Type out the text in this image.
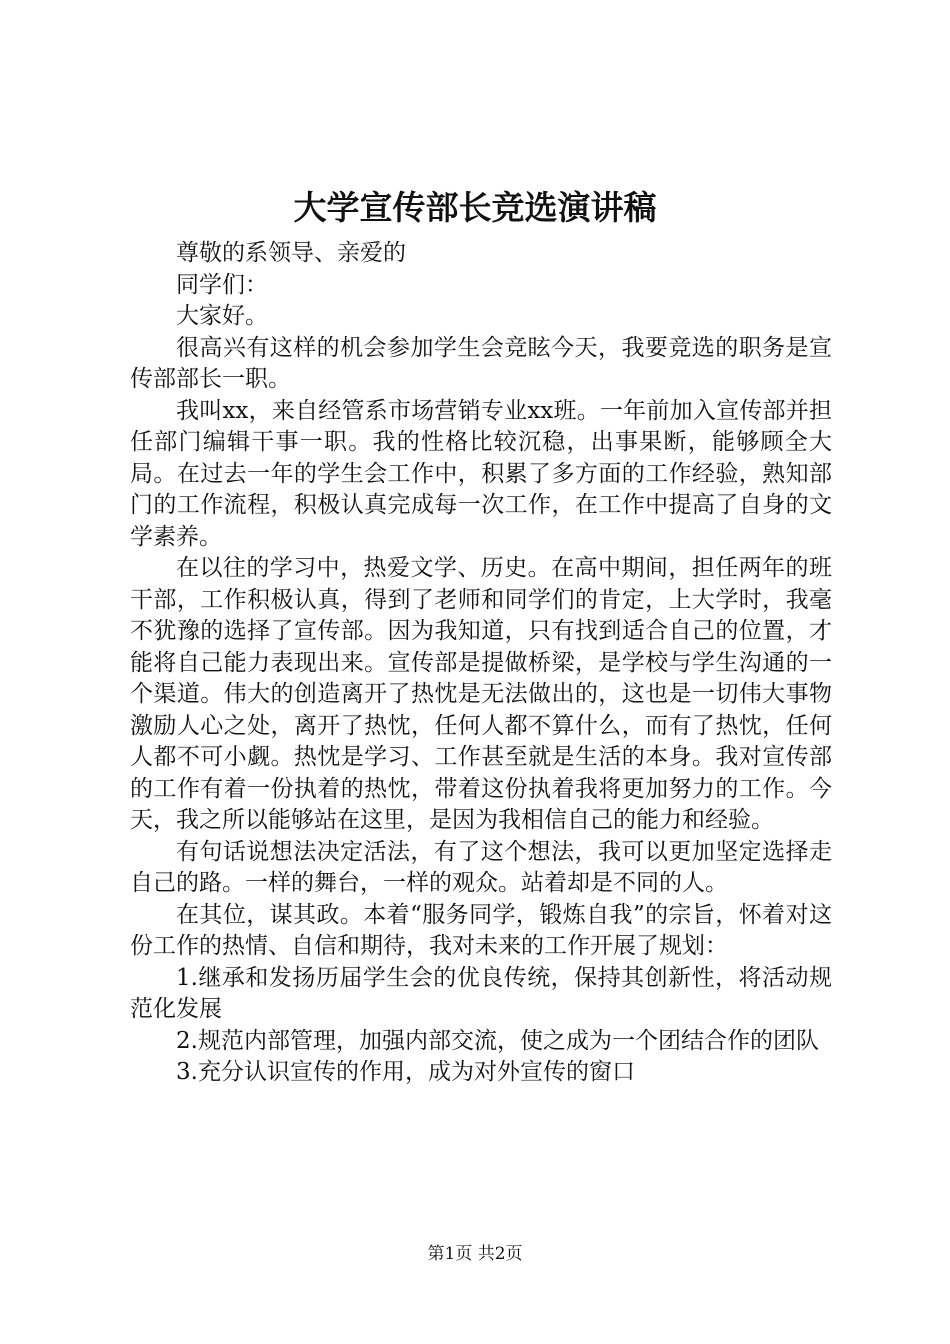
大学宣传部长竞选演讲稿

尊敬的系领导、亲爱的

同学们：

大家好。

很高兴有这样的机会参加学生会竞眩今天，我要竞选的职务是宣传部部长一职。

我叫xx，来自经管系市场营销专业xx班。一年前加入宣传部并担任部门编辑干事一职。我的性格比较沉稳，出事果断，能够顾全大局。在过去一年的学生会工作中，积累了多方面的工作经验，熟知部门的工作流程，积极认真完成每一次工作，在工作中提高了自身的文学素养。

在以往的学习中，热爱文学、历史。在高中期间，担任两年的班干部，工作积极认真，得到了老师和同学们的肯定，上大学时，我毫不犹豫的选择了宣传部。因为我知道，只有找到适合自己的位置，才能将自己能力表现出来。宣传部是提做桥梁，是学校与学生沟通的一个渠道。伟大的创造离开了热忱是无法做出的，这也是一切伟大事物激励人心之处，离开了热忱，任何人都不算什么，而有了热忱，任何人都不可小觑。热忱是学习、工作甚至就是生活的本身。我对宣传部的工作有着一份执着的热忱，带着这份执着我将更加努力的工作。今天，我之所以能够站在这里，是因为我相信自己的能力和经验。

有句话说想法决定活法，有了这个想法，我可以更加坚定选择走自己的路。一样的舞台，一样的观众。站着却是不同的人。

在其位，谋其政。本着“服务同学，锻炼自我”的宗旨，怀着对这份工作的热情、自信和期待，我对未来的工作开展了规划：

1.继承和发扬历届学生会的优良传统，保持其创新性，将活动规范化发展

2.规范内部管理，加强内部交流，使之成为一个团结合作的团队

3.充分认识宣传的作用，成为对外宣传的窗口

第1页 共2页
